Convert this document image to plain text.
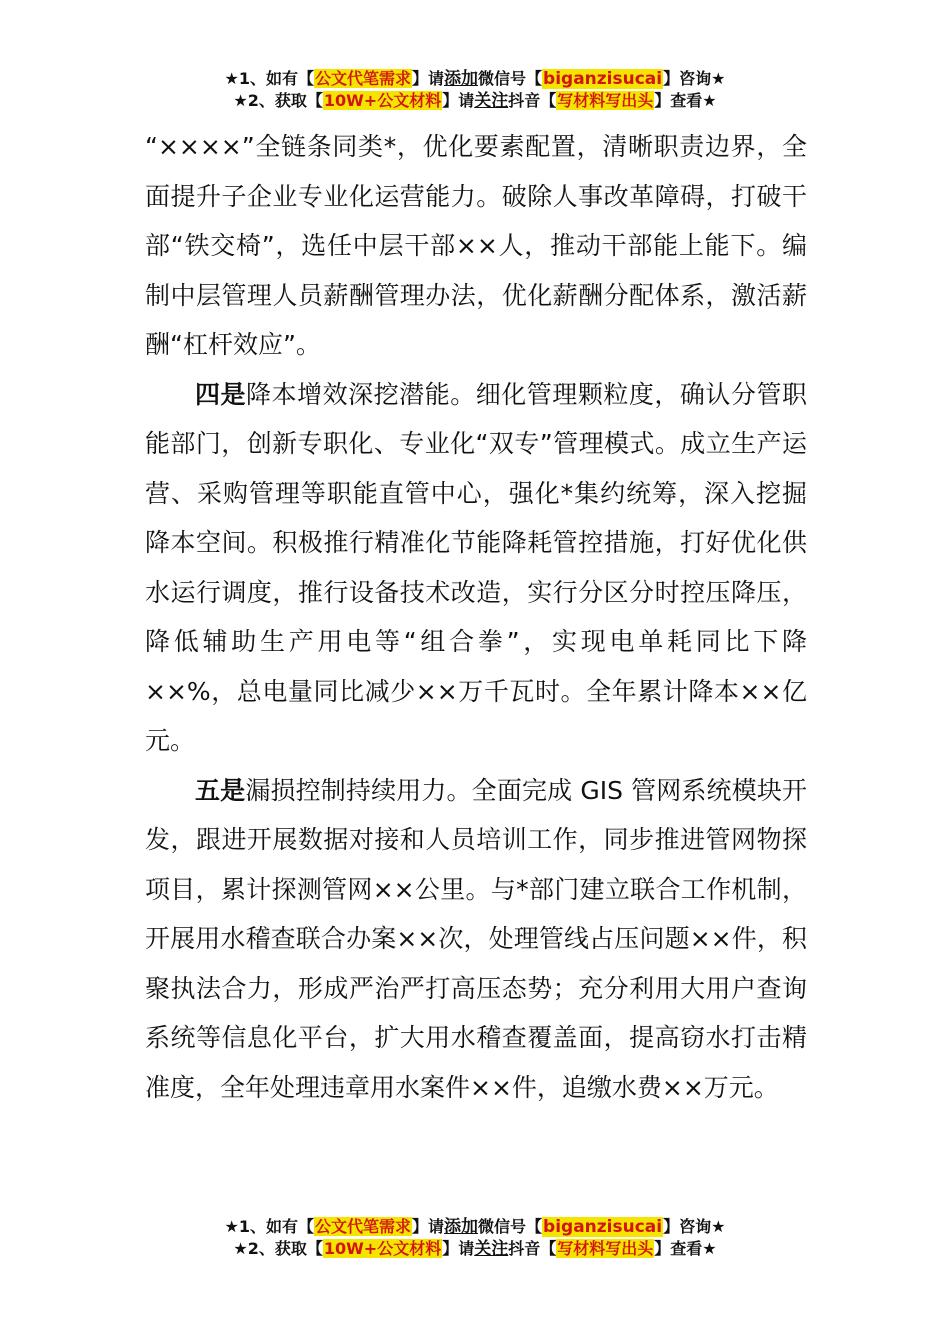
★1、如有【公文代笔需求】请添加微信号【biganzisucai】咨询★
★2、获取【10W+公文材料】请关注抖音【写材料写出头】查看★

“××××”全链条同类*，优化要素配置，清晰职责边界，全面提升子企业专业化运营能力。破除人事改革障碍，打破干部“铁交椅”，选任中层干部××人，推动干部能上能下。编制中层管理人员薪酬管理办法，优化薪酬分配体系，激活薪酬“杠杆效应”。

四是降本增效深挖潜能。细化管理颗粒度，确认分管职能部门，创新专职化、专业化“双专”管理模式。成立生产运营、采购管理等职能直管中心，强化*集约统筹，深入挖掘降本空间。积极推行精准化节能降耗管控措施，打好优化供水运行调度，推行设备技术改造，实行分区分时控压降压，降低辅助生产用电等“组合拳”，实现电单耗同比下降××%，总电量同比减少××万千瓦时。全年累计降本××亿元。

五是漏损控制持续用力。全面完成 GIS 管网系统模块开发，跟进开展数据对接和人员培训工作，同步推进管网物探项目，累计探测管网××公里。与*部门建立联合工作机制，开展用水稽查联合办案××次，处理管线占压问题××件，积聚执法合力，形成严治严打高压态势；充分利用大用户查询系统等信息化平台，扩大用水稽查覆盖面，提高窃水打击精准度，全年处理违章用水案件××件，追缴水费××万元。

★1、如有【公文代笔需求】请添加微信号【biganzisucai】咨询★
★2、获取【10W+公文材料】请关注抖音【写材料写出头】查看★
